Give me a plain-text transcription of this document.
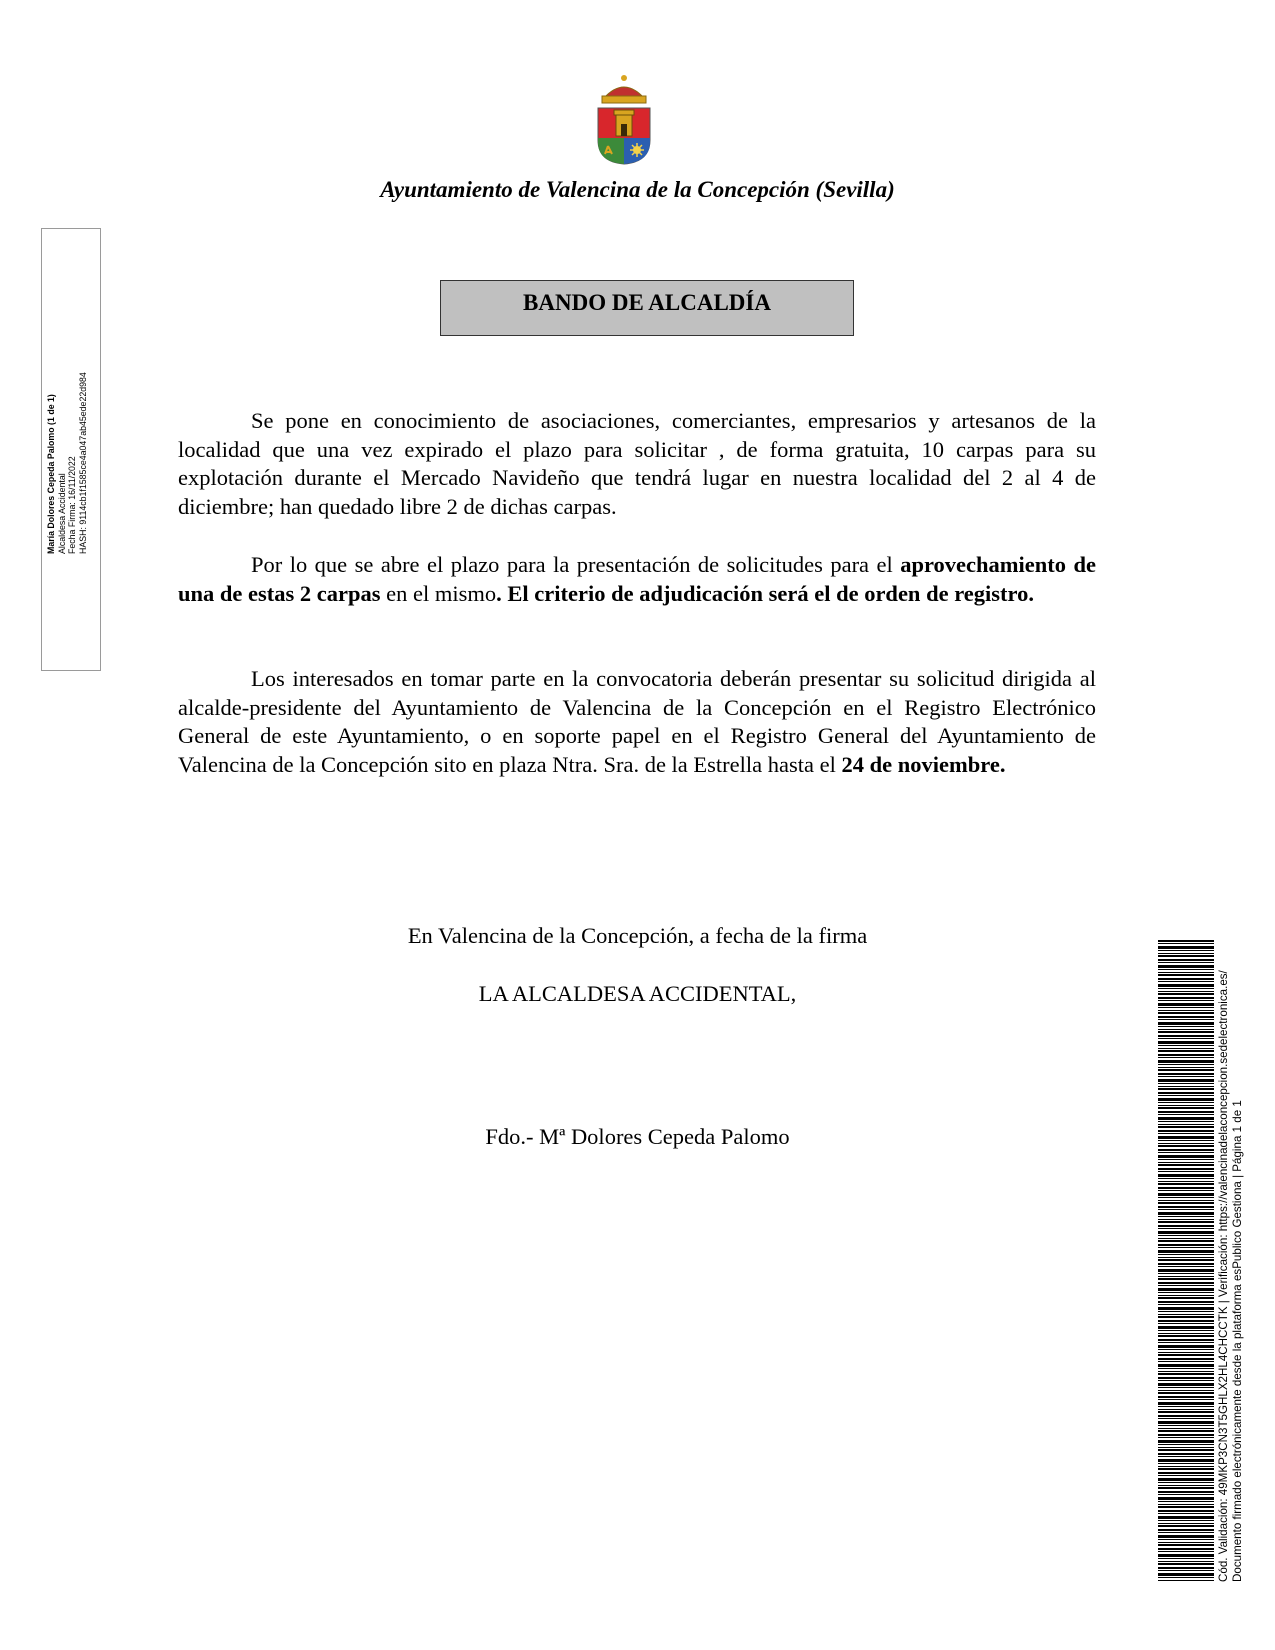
Ayuntamiento de Valencina de la Concepción (Sevilla)
María Dolores Cepeda Palomo (1 de 1) Alcaldesa Accidental Fecha Firma: 16/11/2022 HASH: 9114cb1f1585ce4a047ab45ede22d984
BANDO DE ALCALDÍA

Se pone en conocimiento de asociaciones, comerciantes, empresarios y artesanos de la localidad que una vez expirado el plazo para solicitar , de forma gratuita, 10 carpas para su explotación durante el Mercado Navideño que tendrá lugar en nuestra localidad del 2 al 4 de diciembre; han quedado libre 2 de dichas carpas.

Por lo que se abre el plazo para la presentación de solicitudes para el aprovechamiento de una de estas 2 carpas en el mismo. El criterio de adjudicación será el de orden de registro.

Los interesados en tomar parte en la convocatoria deberán presentar su solicitud dirigida al alcalde-presidente del Ayuntamiento de Valencina de la Concepción en el Registro Electrónico General de este Ayuntamiento, o en soporte papel en el Registro General del Ayuntamiento de Valencina de la Concepción sito en plaza Ntra. Sra. de la Estrella hasta el 24 de noviembre.

En Valencina de la Concepción, a fecha de la firma
LA ALCALDESA ACCIDENTAL,
Fdo.- Mª Dolores Cepeda Palomo	Cód. Validación: 49MKP3CN3T5GHLX2HL4CHCCTK | Verificación: https://valencinadelaconcepcion.sedelectronica.es/ Documento firmado electrónicamente desde la plataforma esPublico Gestiona | Página 1 de 1
